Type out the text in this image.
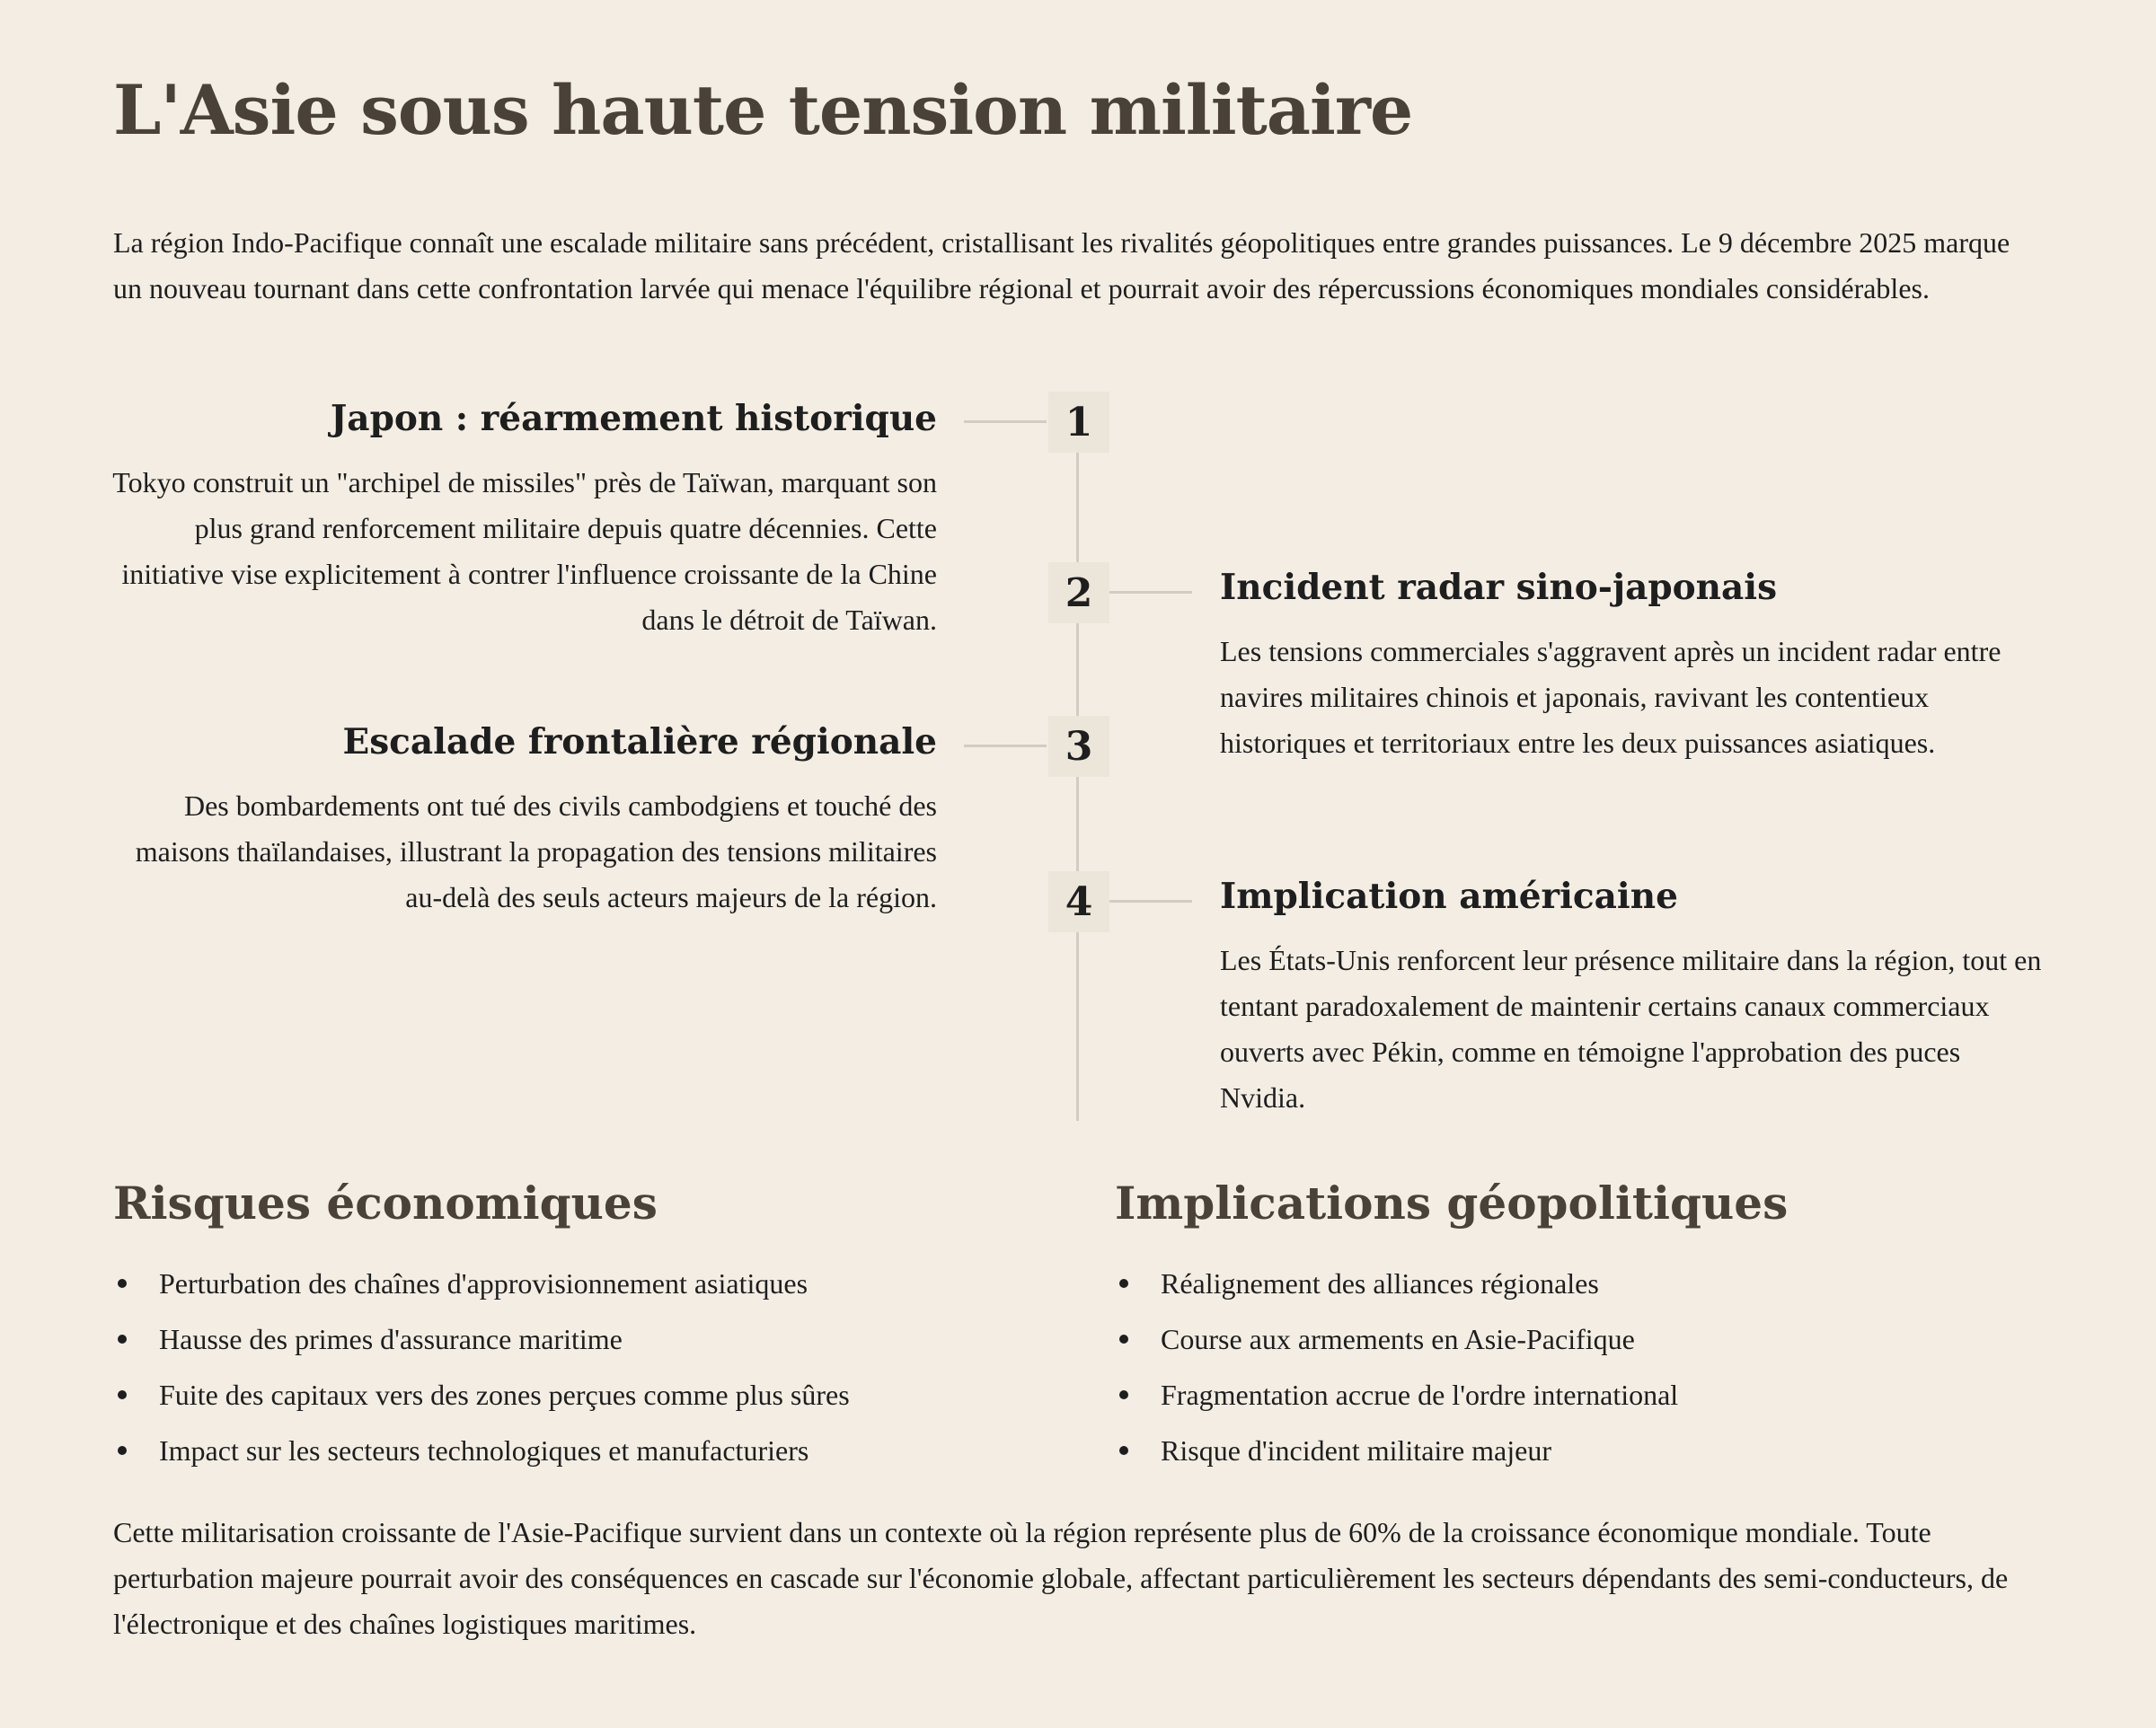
L'Asie sous haute tension militaire

La région Indo-Pacifique connaît une escalade militaire sans précédent, cristallisant les rivalités géopolitiques entre grandes puissances. Le 9 décembre 2025 marque un nouveau tournant dans cette confrontation larvée qui menace l'équilibre régional et pourrait avoir des répercussions économiques mondiales considérables.

1
Japon : réarmement historique

Tokyo construit un "archipel de missiles" près de Taïwan, marquant son plus grand renforcement militaire depuis quatre décennies. Cette initiative vise explicitement à contrer l'influence croissante de la Chine dans le détroit de Taïwan.

2	Incident radar sino-japonais

Les tensions commerciales s'aggravent après un incident radar entre navires militaires chinois et japonais, ravivant les contentieux historiques et territoriaux entre les deux puissances asiatiques.

3
Escalade frontalière régionale

Des bombardements ont tué des civils cambodgiens et touché des maisons thaïlandaises, illustrant la propagation des tensions militaires au-delà des seuls acteurs majeurs de la région.	4	Implication américaine

Les États-Unis renforcent leur présence militaire dans la région, tout en tentant paradoxalement de maintenir certains canaux commerciaux ouverts avec Pékin, comme en témoigne l'approbation des puces Nvidia.

Risques économiques
Perturbation des chaînes d'approvisionnement asiatiques
Hausse des primes d'assurance maritime
Fuite des capitaux vers des zones perçues comme plus sûres
Impact sur les secteurs technologiques et manufacturiers
Implications géopolitiques
Réalignement des alliances régionales
Course aux armements en Asie-Pacifique
Fragmentation accrue de l'ordre international
Risque d'incident militaire majeur

Cette militarisation croissante de l'Asie-Pacifique survient dans un contexte où la région représente plus de 60% de la croissance économique mondiale. Toute perturbation majeure pourrait avoir des conséquences en cascade sur l'économie globale, affectant particulièrement les secteurs dépendants des semi-conducteurs, de l'électronique et des chaînes logistiques maritimes.
